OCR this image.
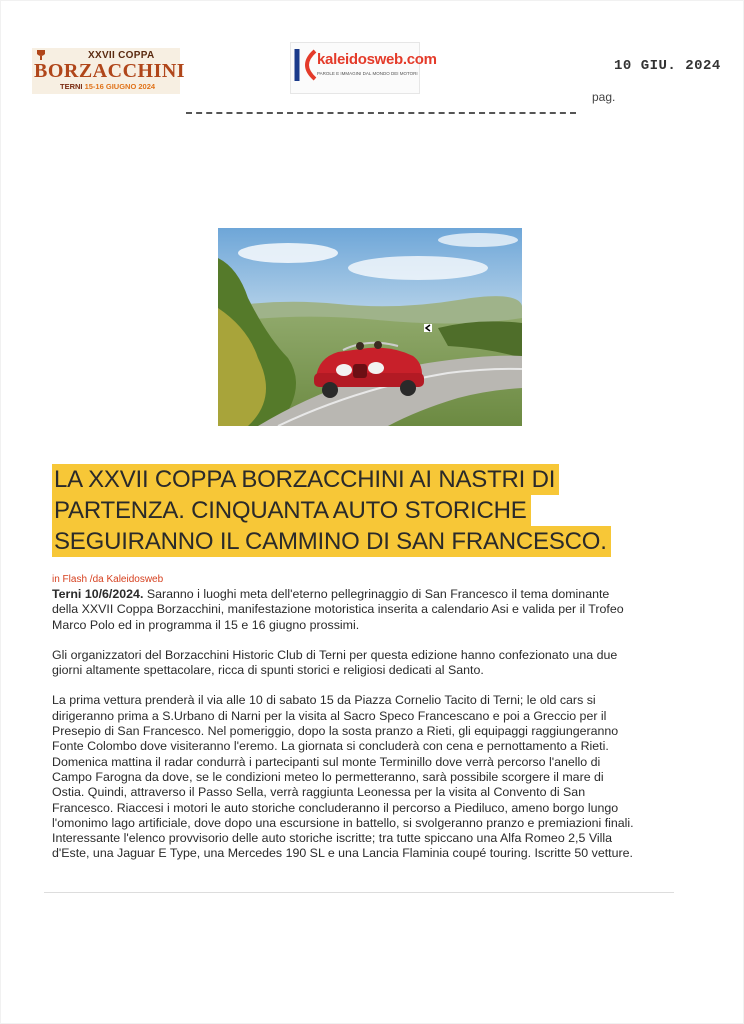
XXVII COPPA
BORZACCHINI
TERNI 15-16 GIUGNO 2024
kaleidosweb.com
PAROLE E IMMAGINI DAL MONDO DEI MOTORI	10 GIU. 2024
pag.
LA XXVII COPPA BORZACCHINI AI NASTRI DI
PARTENZA. CINQUANTA AUTO STORICHE
SEGUIRANNO IL CAMMINO DI SAN FRANCESCO.
in Flash /da Kaleidosweb

Terni 10/6/2024. Saranno i luoghi meta dell'eterno pellegrinaggio di San Francesco il tema dominante della XXVII Coppa Borzacchini, manifestazione motoristica inserita a calendario Asi e valida per il Trofeo Marco Polo ed in programma il 15 e 16 giugno prossimi.

Gli organizzatori del Borzacchini Historic Club di Terni per questa edizione hanno confezionato una due giorni altamente spettacolare, ricca di spunti storici e religiosi dedicati al Santo.

La prima vettura prenderà il via alle 10 di sabato 15 da Piazza Cornelio Tacito di Terni; le old cars si dirigeranno prima a S.Urbano di Narni per la visita al Sacro Speco Francescano e poi a Greccio per il Presepio di San Francesco. Nel pomeriggio, dopo la sosta pranzo a Rieti, gli equipaggi raggiungeranno Fonte Colombo dove visiteranno l'eremo. La giornata si concluderà con cena e pernottamento a Rieti. Domenica mattina il radar condurrà i partecipanti sul monte Terminillo dove verrà percorso l'anello di Campo Farogna da dove, se le condizioni meteo lo permetteranno, sarà possibile scorgere il mare di Ostia. Quindi, attraverso il Passo Sella, verrà raggiunta Leonessa per la visita al Convento di San Francesco. Riaccesi i motori le auto storiche concluderanno il percorso a Piediluco, ameno borgo lungo l'omonimo lago artificiale, dove dopo una escursione in battello, si svolgeranno pranzo e premiazioni finali. Interessante l'elenco provvisorio delle auto storiche iscritte; tra tutte spiccano una Alfa Romeo 2,5 Villa d'Este, una Jaguar E Type, una Mercedes 190 SL e una Lancia Flaminia coupé touring. Iscritte 50 vetture.
